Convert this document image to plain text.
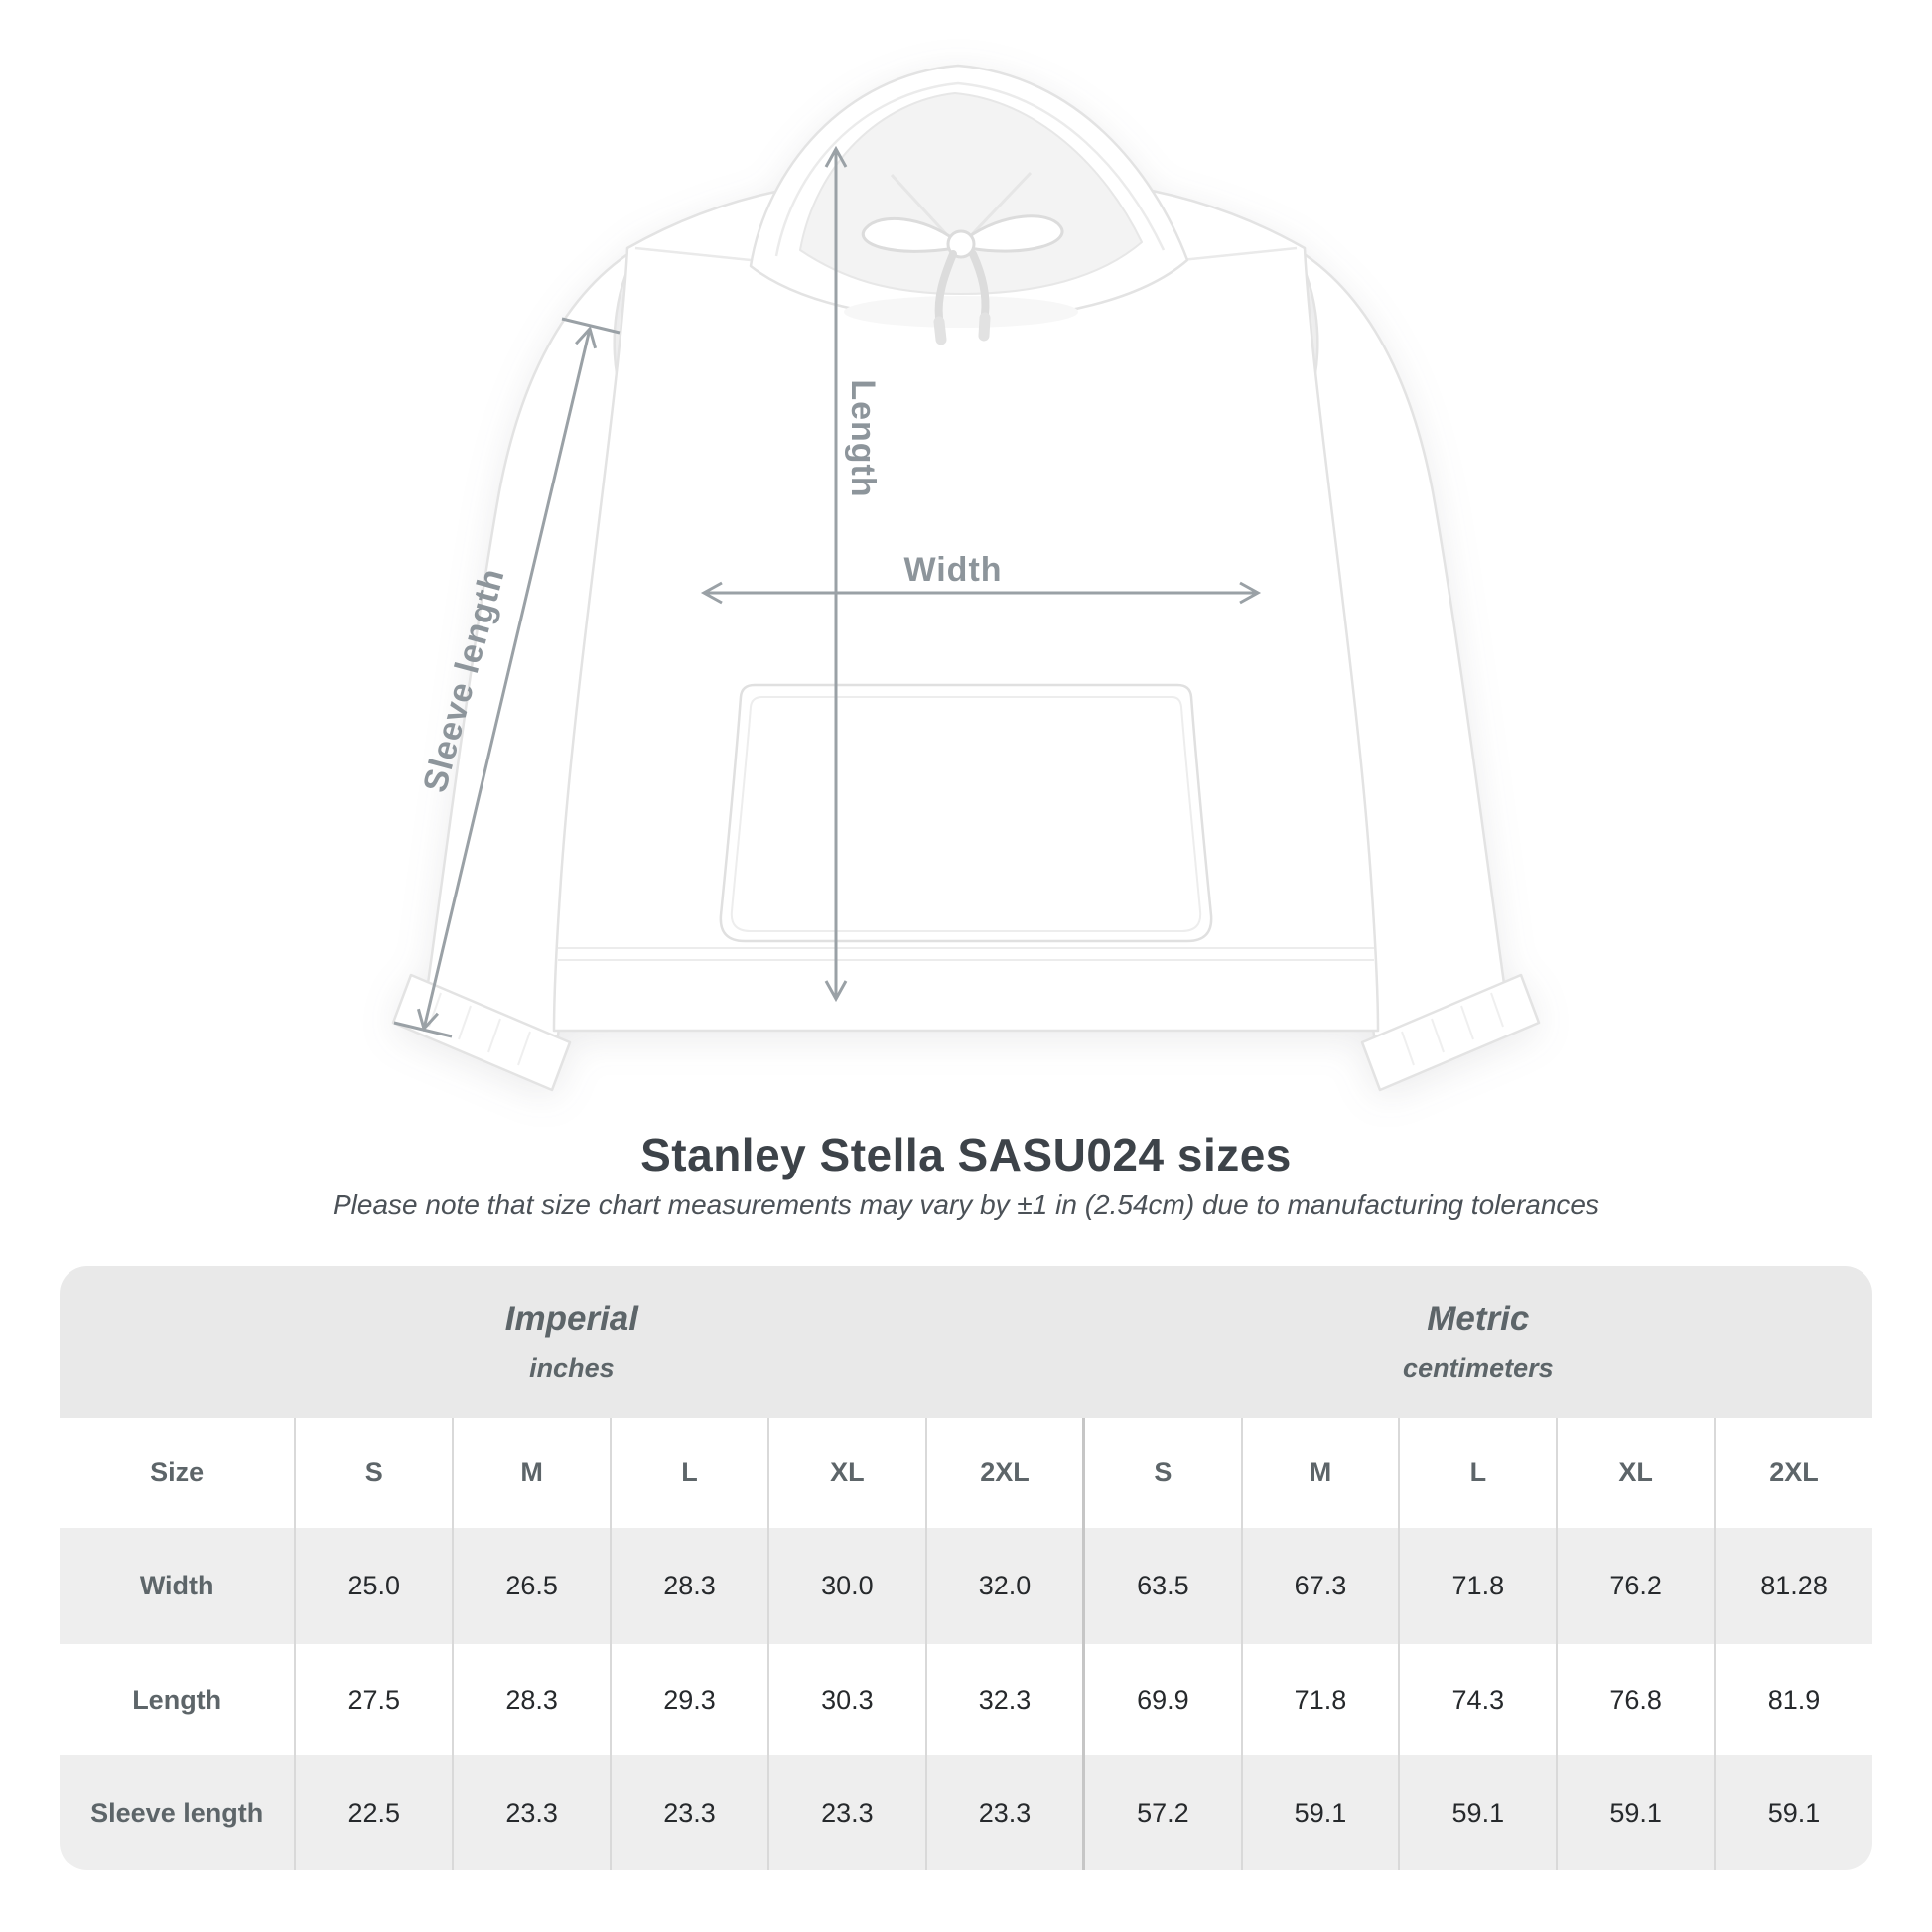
Length
Width
Sleeve length
Stanley Stella SASU024 sizes
Please note that size chart measurements may vary by ±1 in (2.54cm) due to manufacturing tolerances
Imperial
inches

Metric
centimeters

Size	S	M	L	XL	2XL	S	M	L	XL	2XL
Width	25.0	26.5	28.3	30.0	32.0	63.5	67.3	71.8	76.2	81.28
Length	27.5	28.3	29.3	30.3	32.3	69.9	71.8	74.3	76.8	81.9
Sleeve length	22.5	23.3	23.3	23.3	23.3	57.2	59.1	59.1	59.1	59.1
